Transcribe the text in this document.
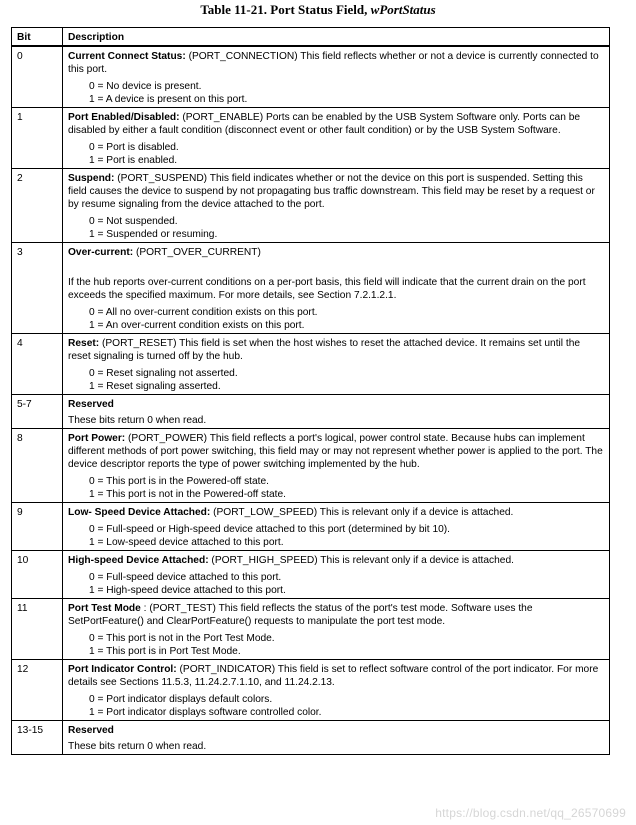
Table 11-21. Port Status Field, wPortStatus
Bit	Description
0	Current Connect Status: (PORT_CONNECTION) This field reflects whether or not a device is currently connected to this port.
0 = No device is present.
1 = A device is present on this port.

1	Port Enabled/Disabled: (PORT_ENABLE) Ports can be enabled by the USB System Software only. Ports can be disabled by either a fault condition (disconnect event or other fault condition) or by the USB System Software.
0 = Port is disabled.
1 = Port is enabled.

2	Suspend: (PORT_SUSPEND) This field indicates whether or not the device on this port is suspended. Setting this field causes the device to suspend by not propagating bus traffic downstream. This field may be reset by a request or by resume signaling from the device attached to the port.
0 = Not suspended.
1 = Suspended or resuming.

3	Over-current: (PORT_OVER_CURRENT)
If the hub reports over-current conditions on a per-port basis, this field will indicate that the current drain on the port exceeds the specified maximum. For more details, see Section 7.2.1.2.1.
0 = All no over-current condition exists on this port.
1 = An over-current condition exists on this port.

4	Reset: (PORT_RESET) This field is set when the host wishes to reset the attached device. It remains set until the reset signaling is turned off by the hub.
0 = Reset signaling not asserted.
1 = Reset signaling asserted.

5-7	Reserved
These bits return 0 when read.

8	Port Power: (PORT_POWER) This field reflects a port's logical, power control state. Because hubs can implement different methods of port power switching, this field may or may not represent whether power is applied to the port. The device descriptor reports the type of power switching implemented by the hub.
0 = This port is in the Powered-off state.
1 = This port is not in the Powered-off state.

9	Low- Speed Device Attached: (PORT_LOW_SPEED) This is relevant only if a device is attached.
0 = Full-speed or High-speed device attached to this port (determined by bit 10).
1 = Low-speed device attached to this port.

10	High-speed Device Attached: (PORT_HIGH_SPEED) This is relevant only if a device is attached.
0 = Full-speed device attached to this port.
1 = High-speed device attached to this port.

11	Port Test Mode : (PORT_TEST) This field reflects the status of the port's test mode. Software uses the SetPortFeature() and ClearPortFeature() requests to manipulate the port test mode.
0 = This port is not in the Port Test Mode.
1 = This port is in Port Test Mode.

12	Port Indicator Control: (PORT_INDICATOR) This field is set to reflect software control of the port indicator. For more details see Sections 11.5.3, 11.24.2.7.1.10, and 11.24.2.13.
0 = Port indicator displays default colors.
1 = Port indicator displays software controlled color.

13-15	Reserved
These bits return 0 when read.
https://blog.csdn.net/qq_26570699
